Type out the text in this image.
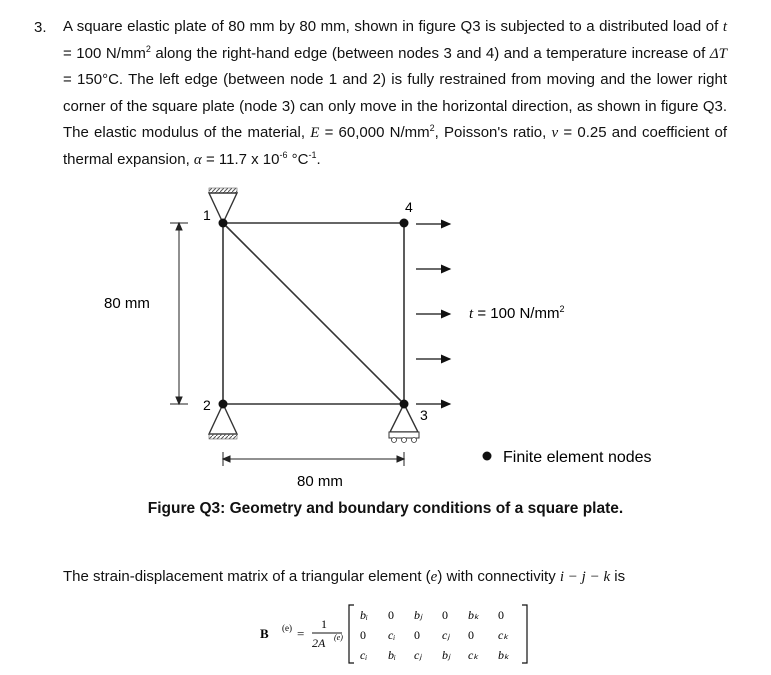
3. A square elastic plate of 80 mm by 80 mm, shown in figure Q3 is subjected to a distributed load of t = 100 $N/mm^2$ along the right-hand edge (between nodes 3 and 4) and a temperature increase of ΔT = 150°C. The left edge (between node 1 and 2) is fully restrained from moving and the lower right corner of the square plate (node 3) can only move in the horizontal direction, as shown in figure Q3. The elastic modulus of the material, E = 60,000 $N/mm^2$, Poisson's ratio, ν = 0.25 and coefficient of thermal expansion, α = 11.7 x $10^{-6}$ $^\circ C^{-1}$.
1	4
2
3
80 mm
80 mm
t = 100 $N/mm^2$
Finite element nodes
Figure Q3: Geometry and boundary conditions of a square plate.
The strain-displacement matrix of a triangular element (e) with connectivity i − j − k is
B (e) =
1
2A (e)
bᵢ 0 bⱼ 0 bₖ 0
0 cᵢ 0 cⱼ 0 cₖ
cᵢ bᵢ cⱼ bⱼ cₖ bₖ
